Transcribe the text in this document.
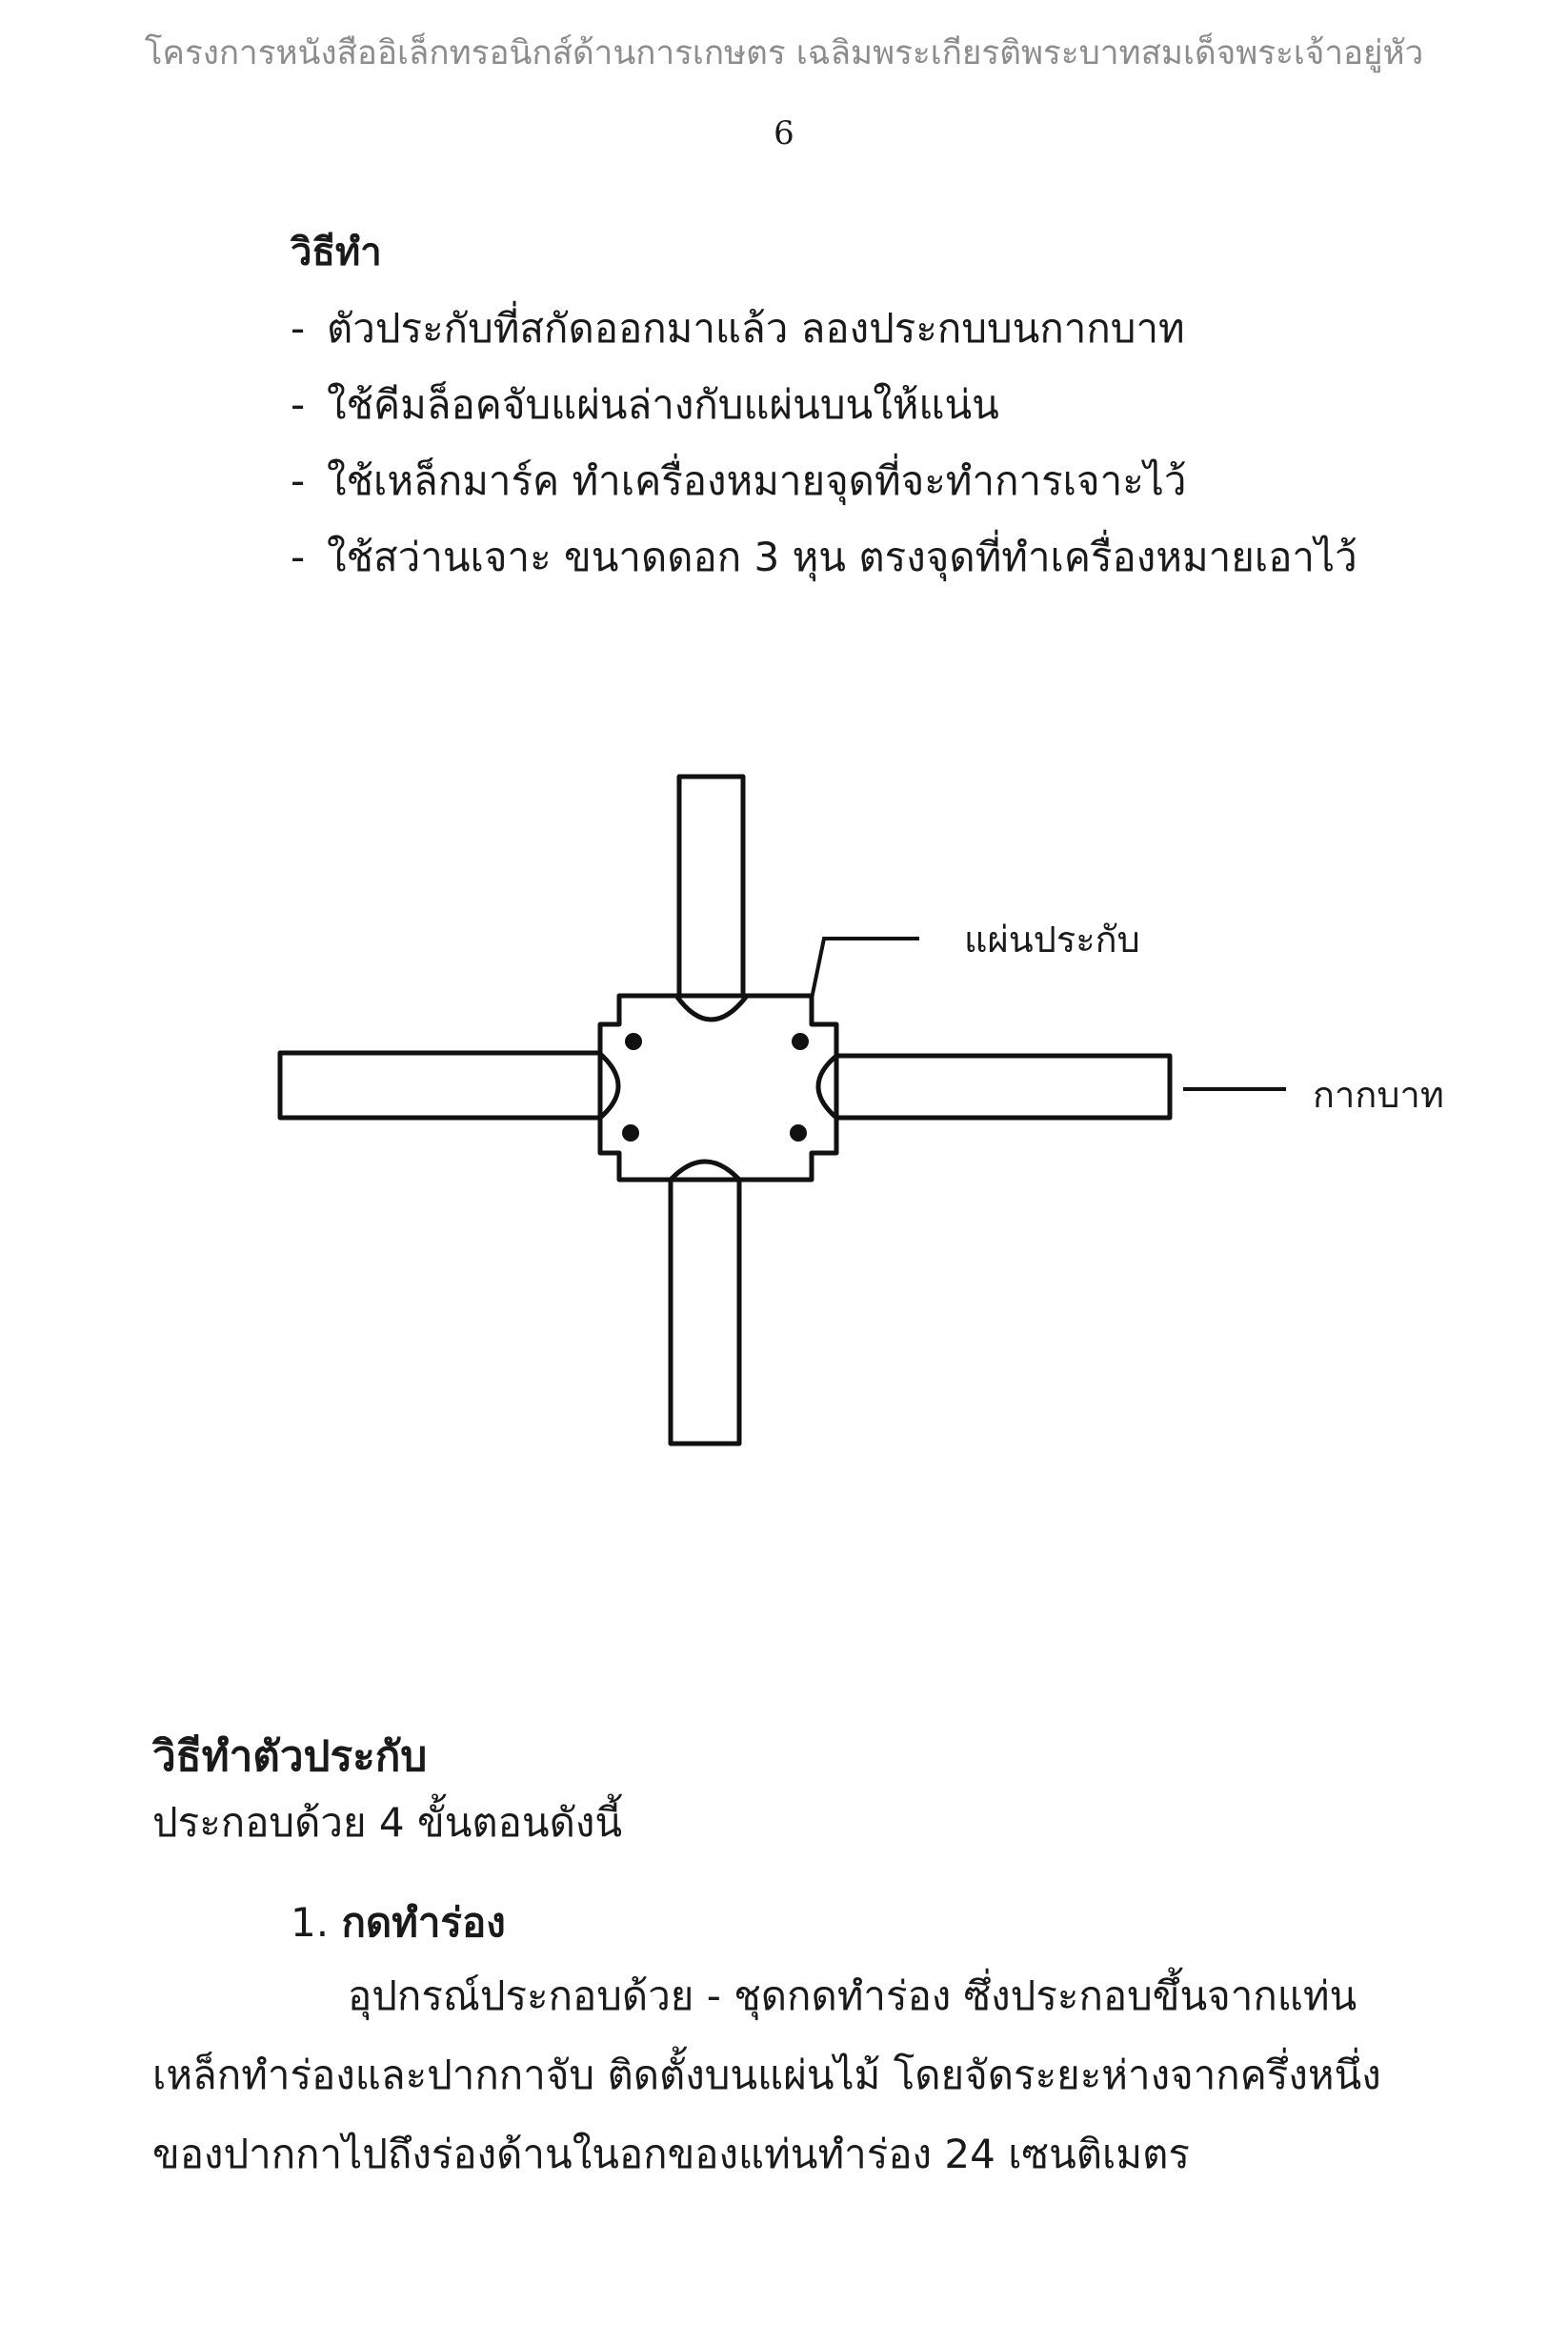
โครงการหนังสืออิเล็กทรอนิกส์ด้านการเกษตร เฉลิมพระเกียรติพระบาทสมเด็จพระเจ้าอยู่หัว
6
วิธีทำ
- ตัวประกับที่สกัดออกมาแล้ว ลองประกบบนกากบาท
- ใช้คีมล็อคจับแผ่นล่างกับแผ่นบนให้แน่น
- ใช้เหล็กมาร์ค ทำเครื่องหมายจุดที่จะทำการเจาะไว้
- ใช้สว่านเจาะ ขนาดดอก 3 หุน ตรงจุดที่ทำเครื่องหมายเอาไว้
แผ่นประกับ
กากบาท
วิธีทำตัวประกับ
ประกอบด้วย 4 ขั้นตอนดังนี้
1. กดทำร่อง
อุปกรณ์ประกอบด้วย - ชุดกดทำร่อง ซึ่งประกอบขึ้นจากแท่น
เหล็กทำร่องและปากกาจับ ติดตั้งบนแผ่นไม้ โดยจัดระยะห่างจากครึ่งหนึ่ง
ของปากกาไปถึงร่องด้านในอกของแท่นทำร่อง 24 เซนติเมตร
